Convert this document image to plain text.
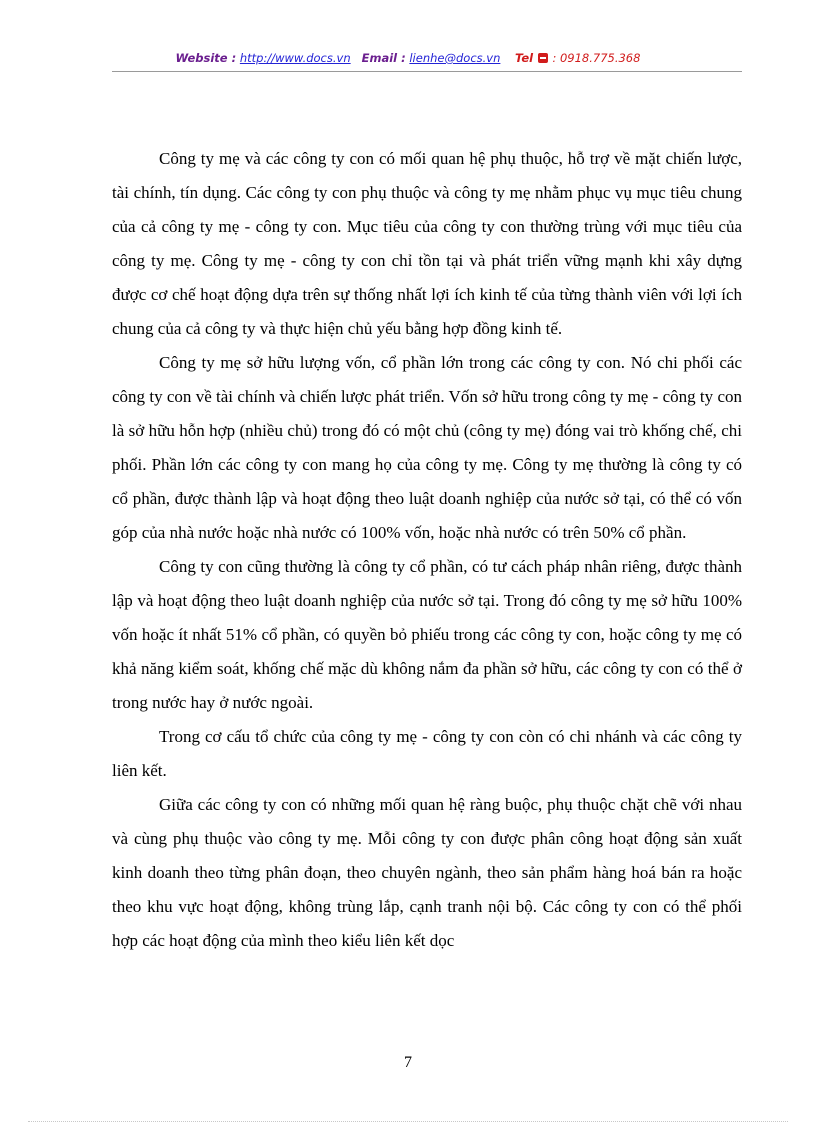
Website : http://www.docs.vn Email : lienhe@docs.vn Tel : 0918.775.368

Công ty mẹ và các công ty con có mối quan hệ phụ thuộc, hỗ trợ về mặt chiến lược, tài chính, tín dụng. Các công ty con phụ thuộc và công ty mẹ nhằm phục vụ mục tiêu chung của cả công ty mẹ - công ty con. Mục tiêu của công ty con thường trùng với mục tiêu của công ty mẹ. Công ty mẹ - công ty con chỉ tồn tại và phát triển vững mạnh khi xây dựng được cơ chế hoạt động dựa trên sự thống nhất lợi ích kinh tế của từng thành viên với lợi ích chung của cả công ty và thực hiện chủ yếu bằng hợp đồng kinh tế.

Công ty mẹ sở hữu lượng vốn, cổ phần lớn trong các công ty con. Nó chi phối các công ty con về tài chính và chiến lược phát triển. Vốn sở hữu trong công ty mẹ - công ty con là sở hữu hỗn hợp (nhiều chủ) trong đó có một chủ (công ty mẹ) đóng vai trò khống chế, chi phối. Phần lớn các công ty con mang họ của công ty mẹ. Công ty mẹ thường là công ty có cổ phần, được thành lập và hoạt động theo luật doanh nghiệp của nước sở tại, có thể có vốn góp của nhà nước hoặc nhà nước có 100% vốn, hoặc nhà nước có trên 50% cổ phần.

Công ty con cũng thường là công ty cổ phần, có tư cách pháp nhân riêng, được thành lập và hoạt động theo luật doanh nghiệp của nước sở tại. Trong đó công ty mẹ sở hữu 100% vốn hoặc ít nhất 51% cổ phần, có quyền bỏ phiếu trong các công ty con, hoặc công ty mẹ có khả năng kiểm soát, khống chế mặc dù không nắm đa phần sở hữu, các công ty con có thể ở trong nước hay ở nước ngoài.

Trong cơ cấu tổ chức của công ty mẹ - công ty con còn có chi nhánh và các công ty liên kết.

Giữa các công ty con có những mối quan hệ ràng buộc, phụ thuộc chặt chẽ với nhau và cùng phụ thuộc vào công ty mẹ. Mỗi công ty con được phân công hoạt động sản xuất kinh doanh theo từng phân đoạn, theo chuyên ngành, theo sản phẩm hàng hoá bán ra hoặc theo khu vực hoạt động, không trùng lắp, cạnh tranh nội bộ. Các công ty con có thể phối hợp các hoạt động của mình theo kiểu liên kết dọc

7
